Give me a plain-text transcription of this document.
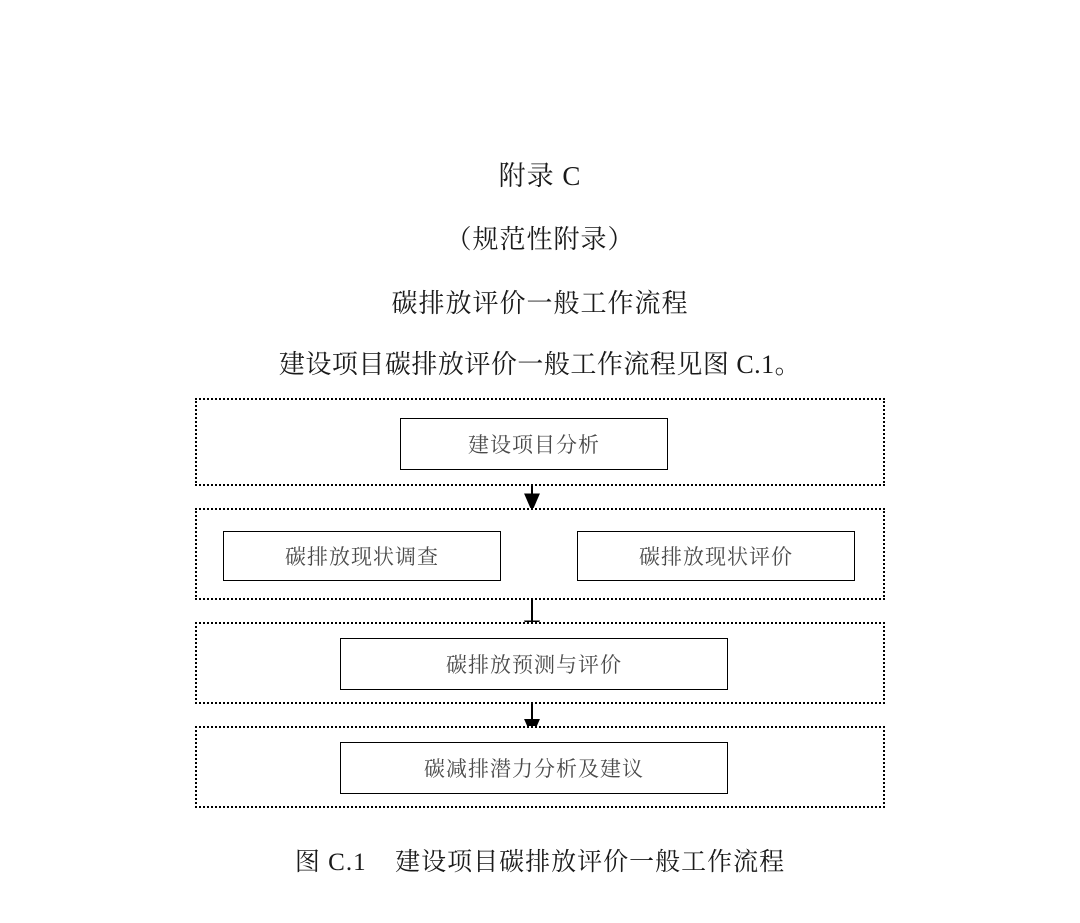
附录 C
（规范性附录）
碳排放评价一般工作流程
建设项目碳排放评价一般工作流程见图 C.1。
建设项目分析
碳排放现状调查	碳排放现状评价
碳排放预测与评价
碳减排潜力分析及建议
图 C.1 建设项目碳排放评价一般工作流程
